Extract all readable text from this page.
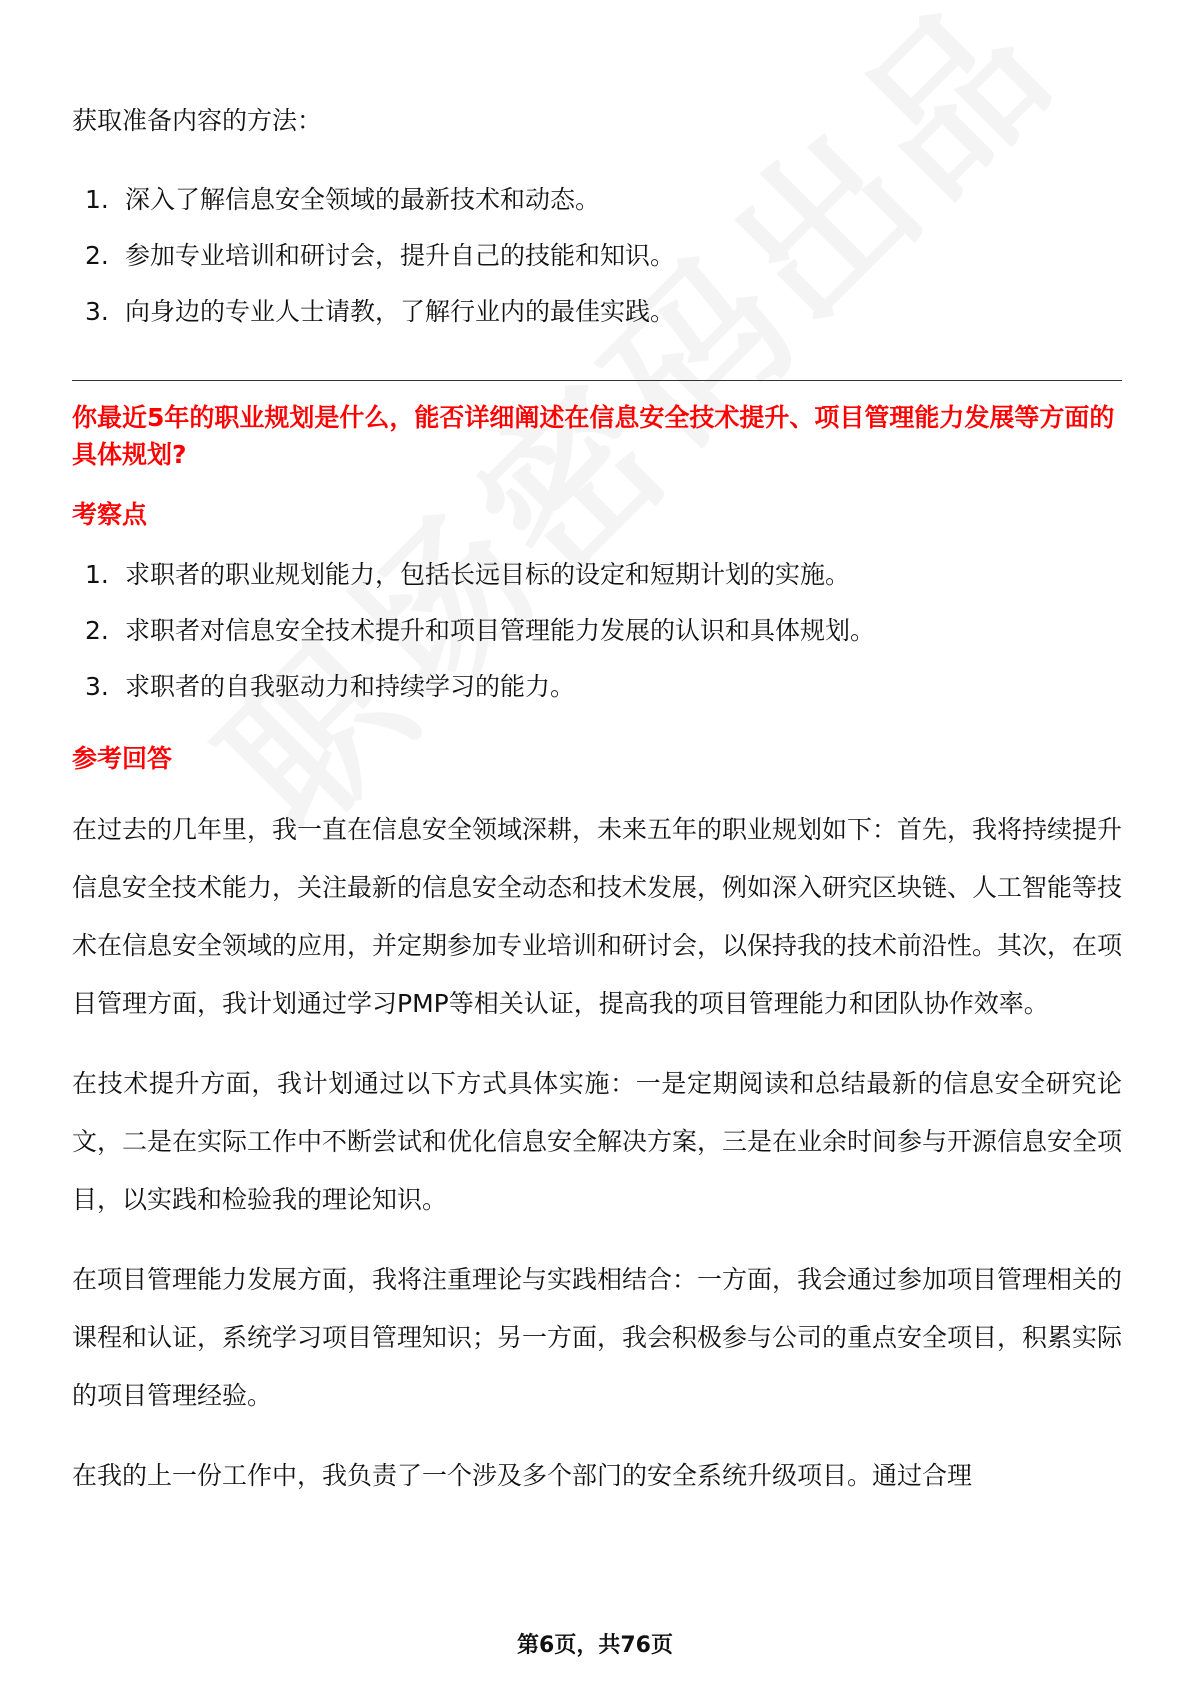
获取准备内容的方法：

1. 深入了解信息安全领域的最新技术和动态。
2. 参加专业培训和研讨会，提升自己的技能和知识。
3. 向身边的专业人士请教，了解行业内的最佳实践。
你最近5年的职业规划是什么，能否详细阐述在信息安全技术提升、项目管理能力发展等方面的具体规划?
考察点
1. 求职者的职业规划能力，包括长远目标的设定和短期计划的实施。
2. 求职者对信息安全技术提升和项目管理能力发展的认识和具体规划。
3. 求职者的自我驱动力和持续学习的能力。
参考回答

在过去的几年里，我一直在信息安全领域深耕，未来五年的职业规划如下：首先，我将持续提升信息安全技术能力，关注最新的信息安全动态和技术发展，例如深入研究区块链、人工智能等技术在信息安全领域的应用，并定期参加专业培训和研讨会，以保持我的技术前沿性。其次，在项目管理方面，我计划通过学习PMP等相关认证，提高我的项目管理能力和团队协作效率。

在技术提升方面，我计划通过以下方式具体实施：一是定期阅读和总结最新的信息安全研究论文，二是在实际工作中不断尝试和优化信息安全解决方案，三是在业余时间参与开源信息安全项目，以实践和检验我的理论知识。

在项目管理能力发展方面，我将注重理论与实践相结合：一方面，我会通过参加项目管理相关的课程和认证，系统学习项目管理知识；另一方面，我会积极参与公司的重点安全项目，积累实际的项目管理经验。

在我的上一份工作中，我负责了一个涉及多个部门的安全系统升级项目。通过合理

第6页，共76页
